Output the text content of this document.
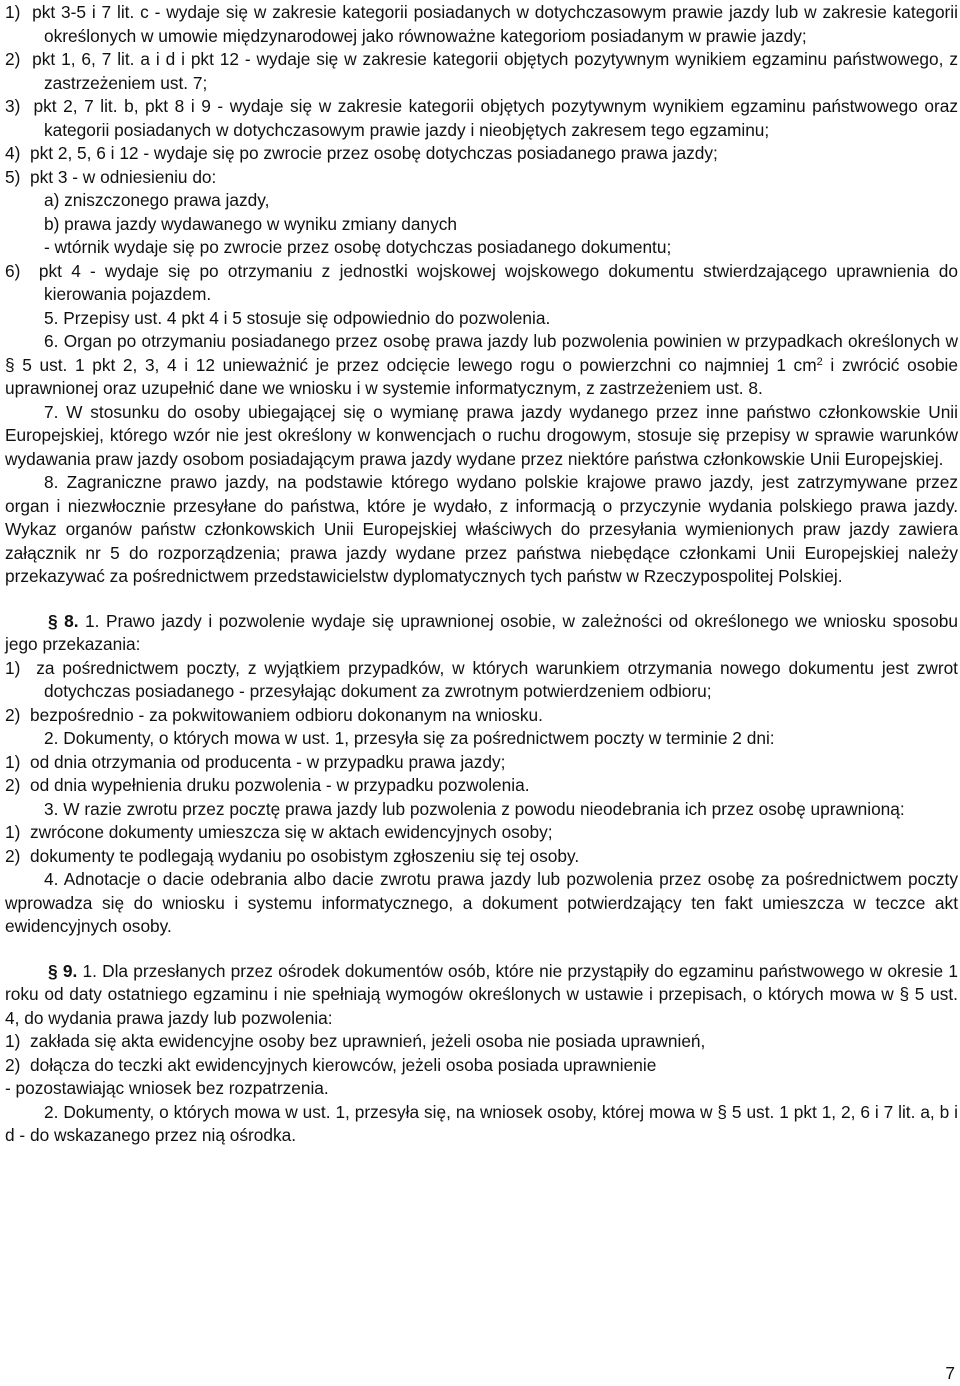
1) pkt 3-5 i 7 lit. c - wydaje się w zakresie kategorii posiadanych w dotychczasowym prawie jazdy lub w zakresie kategorii określonych w umowie międzynarodowej jako równoważne kategoriom posiadanym w prawie jazdy;

2) pkt 1, 6, 7 lit. a i d i pkt 12 - wydaje się w zakresie kategorii objętych pozytywnym wynikiem egzaminu państwowego, z zastrzeżeniem ust. 7;

3) pkt 2, 7 lit. b, pkt 8 i 9 - wydaje się w zakresie kategorii objętych pozytywnym wynikiem egzaminu państwowego oraz kategorii posiadanych w dotychczasowym prawie jazdy i nieobjętych zakresem tego egzaminu;

4) pkt 2, 5, 6 i 12 - wydaje się po zwrocie przez osobę dotychczas posiadanego prawa jazdy;

5) pkt 3 - w odniesieniu do:

a) zniszczonego prawa jazdy,

b) prawa jazdy wydawanego w wyniku zmiany danych

- wtórnik wydaje się po zwrocie przez osobę dotychczas posiadanego dokumentu;

6) pkt 4 - wydaje się po otrzymaniu z jednostki wojskowej wojskowego dokumentu stwierdzającego uprawnienia do kierowania pojazdem.

5. Przepisy ust. 4 pkt 4 i 5 stosuje się odpowiednio do pozwolenia.

6. Organ po otrzymaniu posiadanego przez osobę prawa jazdy lub pozwolenia powinien w przypadkach określonych w § 5 ust. 1 pkt 2, 3, 4 i 12 unieważnić je przez odcięcie lewego rogu o powierzchni co najmniej 1 $cm^2$ i zwrócić osobie uprawnionej oraz uzupełnić dane we wniosku i w systemie informatycznym, z zastrzeżeniem ust. 8.

7. W stosunku do osoby ubiegającej się o wymianę prawa jazdy wydanego przez inne państwo członkowskie Unii Europejskiej, którego wzór nie jest określony w konwencjach o ruchu drogowym, stosuje się przepisy w sprawie warunków wydawania praw jazdy osobom posiadającym prawa jazdy wydane przez niektóre państwa członkowskie Unii Europejskiej.

8. Zagraniczne prawo jazdy, na podstawie którego wydano polskie krajowe prawo jazdy, jest zatrzymywane przez organ i niezwłocznie przesyłane do państwa, które je wydało, z informacją o przyczynie wydania polskiego prawa jazdy. Wykaz organów państw członkowskich Unii Europejskiej właściwych do przesyłania wymienionych praw jazdy zawiera załącznik nr 5 do rozporządzenia; prawa jazdy wydane przez państwa niebędące członkami Unii Europejskiej należy przekazywać za pośrednictwem przedstawicielstw dyplomatycznych tych państw w Rzeczypospolitej Polskiej.

§ 8. 1. Prawo jazdy i pozwolenie wydaje się uprawnionej osobie, w zależności od określonego we wniosku sposobu jego przekazania:

1) za pośrednictwem poczty, z wyjątkiem przypadków, w których warunkiem otrzymania nowego dokumentu jest zwrot dotychczas posiadanego - przesyłając dokument za zwrotnym potwierdzeniem odbioru;

2) bezpośrednio - za pokwitowaniem odbioru dokonanym na wniosku.

2. Dokumenty, o których mowa w ust. 1, przesyła się za pośrednictwem poczty w terminie 2 dni:

1) od dnia otrzymania od producenta - w przypadku prawa jazdy;

2) od dnia wypełnienia druku pozwolenia - w przypadku pozwolenia.

3. W razie zwrotu przez pocztę prawa jazdy lub pozwolenia z powodu nieodebrania ich przez osobę uprawnioną:

1) zwrócone dokumenty umieszcza się w aktach ewidencyjnych osoby;

2) dokumenty te podlegają wydaniu po osobistym zgłoszeniu się tej osoby.

4. Adnotacje o dacie odebrania albo dacie zwrotu prawa jazdy lub pozwolenia przez osobę za pośrednictwem poczty wprowadza się do wniosku i systemu informatycznego, a dokument potwierdzający ten fakt umieszcza w teczce akt ewidencyjnych osoby.

§ 9. 1. Dla przesłanych przez ośrodek dokumentów osób, które nie przystąpiły do egzaminu państwowego w okresie 1 roku od daty ostatniego egzaminu i nie spełniają wymogów określonych w ustawie i przepisach, o których mowa w § 5 ust. 4, do wydania prawa jazdy lub pozwolenia:

1) zakłada się akta ewidencyjne osoby bez uprawnień, jeżeli osoba nie posiada uprawnień,

2) dołącza do teczki akt ewidencyjnych kierowców, jeżeli osoba posiada uprawnienie

- pozostawiając wniosek bez rozpatrzenia.

2. Dokumenty, o których mowa w ust. 1, przesyła się, na wniosek osoby, której mowa w § 5 ust. 1 pkt 1, 2, 6 i 7 lit. a, b i d - do wskazanego przez nią ośrodka.

7
